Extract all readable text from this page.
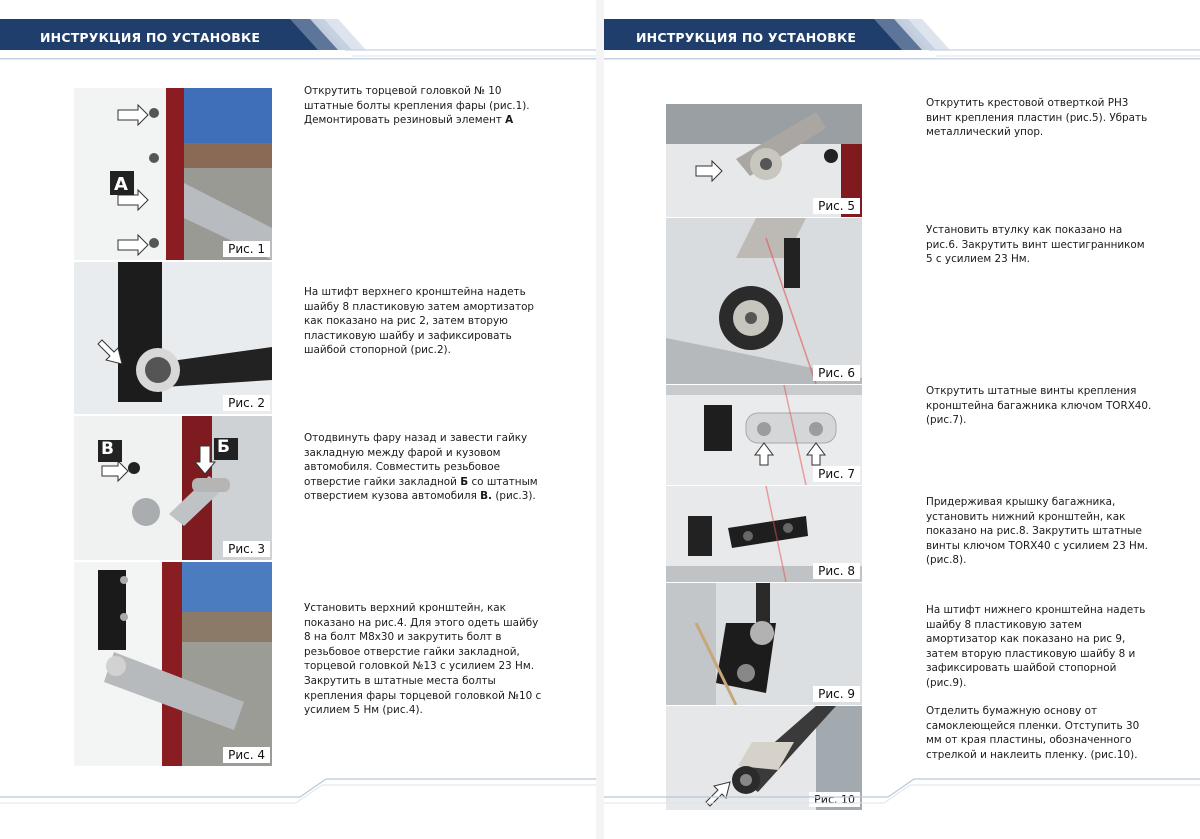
ИНСТРУКЦИЯ ПО УСТАНОВКЕ
А
Рис. 1
Рис. 2
В	Б
Рис. 3
Рис. 4
Открутить торцевой головкой № 10 штатные болты крепления фары (рис.1). Демонтировать резиновый элемент А
На штифт верхнего кронштейна надеть шайбу 8 пластиковую затем амортизатор как показано на рис 2, затем вторую пластиковую шайбу и зафиксировать шайбой стопорной (рис.2).
Отодвинуть фару назад и завести гайку закладную между фарой и кузовом автомобиля. Совместить резьбовое отверстие гайки закладной Б со штатным отверстием кузова автомобиля В. (рис.3).
Установить верхний кронштейн, как показано на рис.4. Для этого одеть шайбу 8 на болт М8х30 и закрутить болт в резьбовое отверстие гайки закладной, торцевой головкой №13 с усилием 23 Нм. Закрутить в штатные места болты крепления фары торцевой головкой №10 с усилием 5 Нм (рис.4).
ИНСТРУКЦИЯ ПО УСТАНОВКЕ
Рис. 5
Рис. 6
Рис. 7
Рис. 8
Рис. 9
Рис. 10
Открутить крестовой отверткой PH3 винт крепления пластин (рис.5). Убрать металлический упор.
Установить втулку как показано на рис.6. Закрутить винт шестигранником 5 с усилием 23 Нм.
Открутить штатные винты крепления кронштейна багажника ключом TORX40. (рис.7).
Придерживая крышку багажника, установить нижний кронштейн, как показано на рис.8. Закрутить штатные винты ключом TORX40 с усилием 23 Нм. (рис.8).
На штифт нижнего кронштейна надеть шайбу 8 пластиковую затем амортизатор как показано на рис 9, затем вторую пластиковую шайбу 8 и зафиксировать шайбой стопорной (рис.9).
Отделить бумажную основу от самоклеющейся пленки. Отступить 30 мм от края пластины, обозначенного стрелкой и наклеить пленку. (рис.10).
